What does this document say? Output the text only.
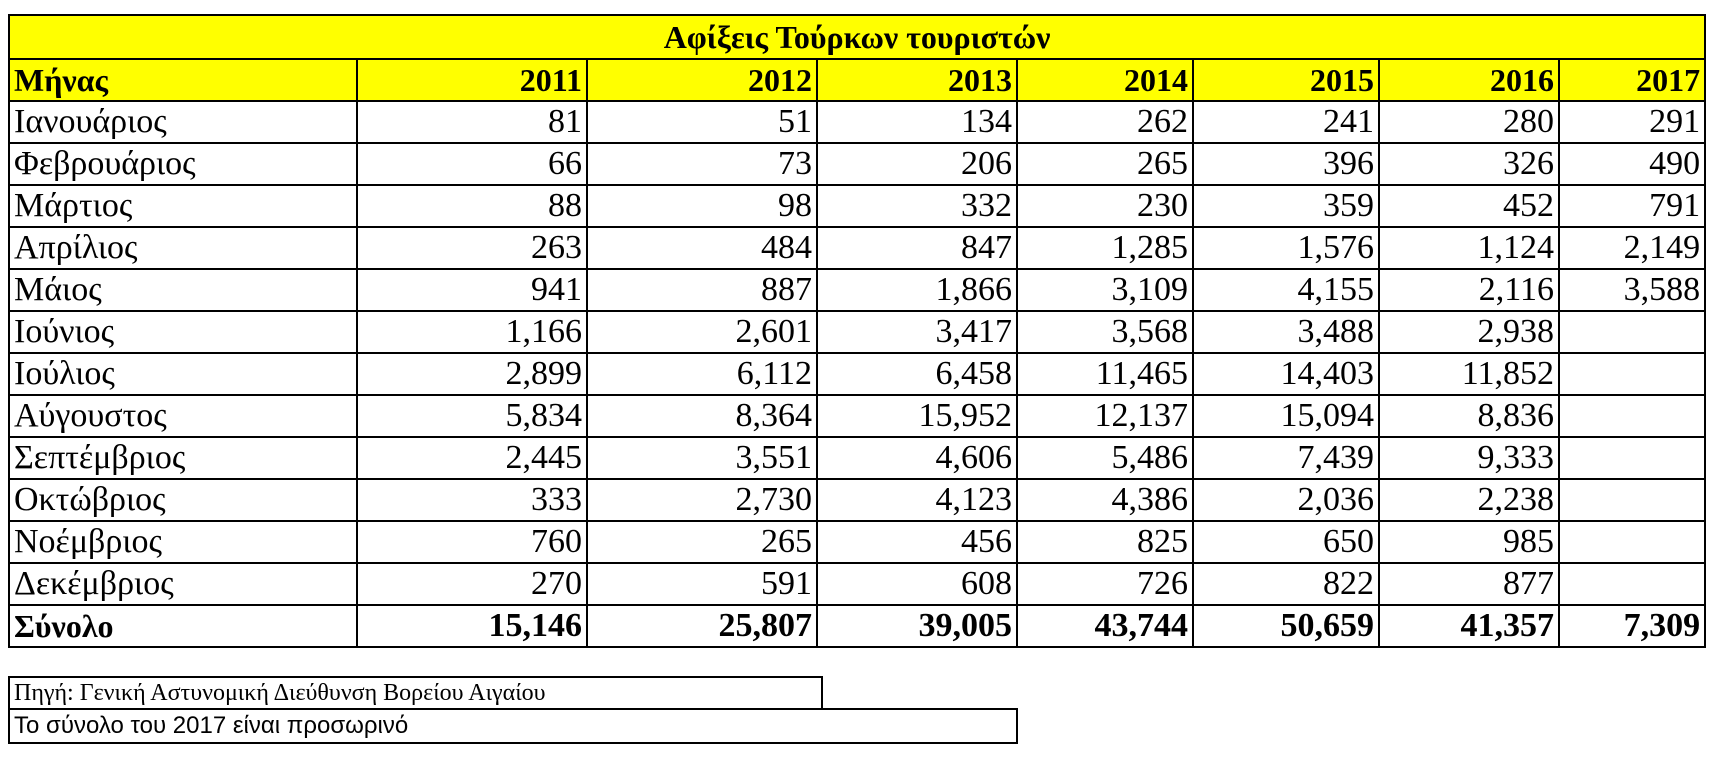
Αφίξεις Τούρκων τουριστών							
Μήνας	2011	2012	2013	2014	2015	2016	2017
Ιανουάριος	81	51	134	262	241	280	291
Φεβρουάριος	66	73	206	265	396	326	490
Μάρτιος	88	98	332	230	359	452	791
Απρίλιος	263	484	847	1,285	1,576	1,124	2,149
Μάιος	941	887	1,866	3,109	4,155	2,116	3,588
Ιούνιος	1,166	2,601	3,417	3,568	3,488	2,938	
Ιούλιος	2,899	6,112	6,458	11,465	14,403	11,852	
Αύγουστος	5,834	8,364	15,952	12,137	15,094	8,836	
Σεπτέμβριος	2,445	3,551	4,606	5,486	7,439	9,333	
Οκτώβριος	333	2,730	4,123	4,386	2,036	2,238	
Νοέμβριος	760	265	456	825	650	985	
Δεκέμβριος	270	591	608	726	822	877	
Σύνολο	15,146	25,807	39,005	43,744	50,659	41,357	7,309
Πηγή: Γενική Αστυνομική Διεύθυνση Βορείου Αιγαίου
Το σύνολο του 2017 είναι προσωρινό
